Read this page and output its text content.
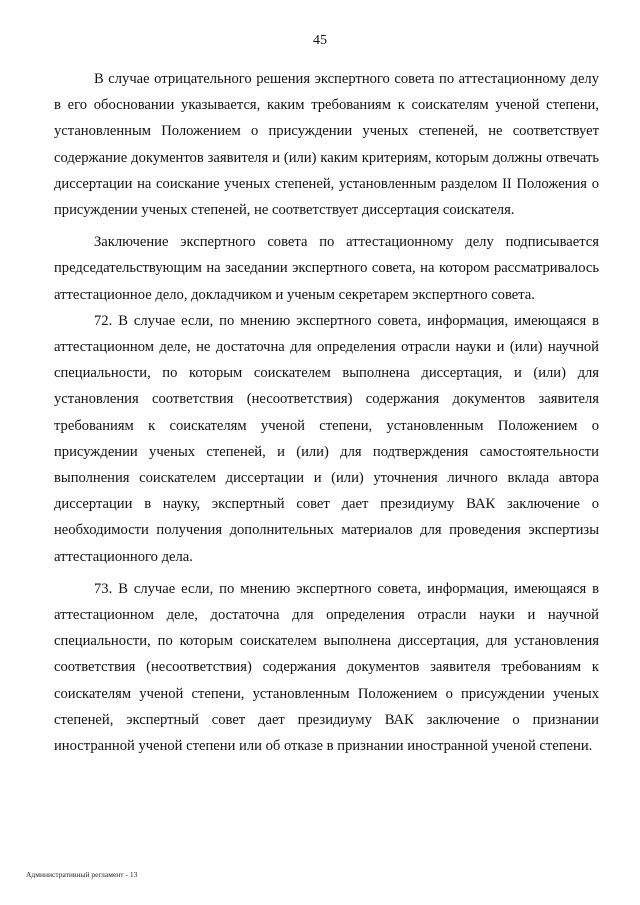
45

В случае отрицательного решения экспертного совета по аттестационному делу в его обосновании указывается, каким требованиям к соискателям ученой степени, установленным Положением о присуждении ученых степеней, не соответствует содержание документов заявителя и (или) каким критериям, которым должны отвечать диссертации на соискание ученых степеней, установленным разделом II Положения о присуждении ученых степеней, не соответствует диссертация соискателя.

Заключение экспертного совета по аттестационному делу подписывается председательствующим на заседании экспертного совета, на котором рассматривалось аттестационное дело, докладчиком и ученым секретарем экспертного совета.

72. В случае если, по мнению экспертного совета, информация, имеющаяся в аттестационном деле, не достаточна для определения отрасли науки и (или) научной специальности, по которым соискателем выполнена диссертация, и (или) для установления соответствия (несоответствия) содержания документов заявителя требованиям к соискателям ученой степени, установленным Положением о присуждении ученых степеней, и (или) для подтверждения самостоятельности выполнения соискателем диссертации и (или) уточнения личного вклада автора диссертации в науку, экспертный совет дает президиуму ВАК заключение о необходимости получения дополнительных материалов для проведения экспертизы аттестационного дела.

73. В случае если, по мнению экспертного совета, информация, имеющаяся в аттестационном деле, достаточна для определения отрасли науки и научной специальности, по которым соискателем выполнена диссертация, для установления соответствия (несоответствия) содержания документов заявителя требованиям к соискателям ученой степени, установленным Положением о присуждении ученых степеней, экспертный совет дает президиуму ВАК заключение о признании иностранной ученой степени или об отказе в признании иностранной ученой степени.

Административный регламент - 13
